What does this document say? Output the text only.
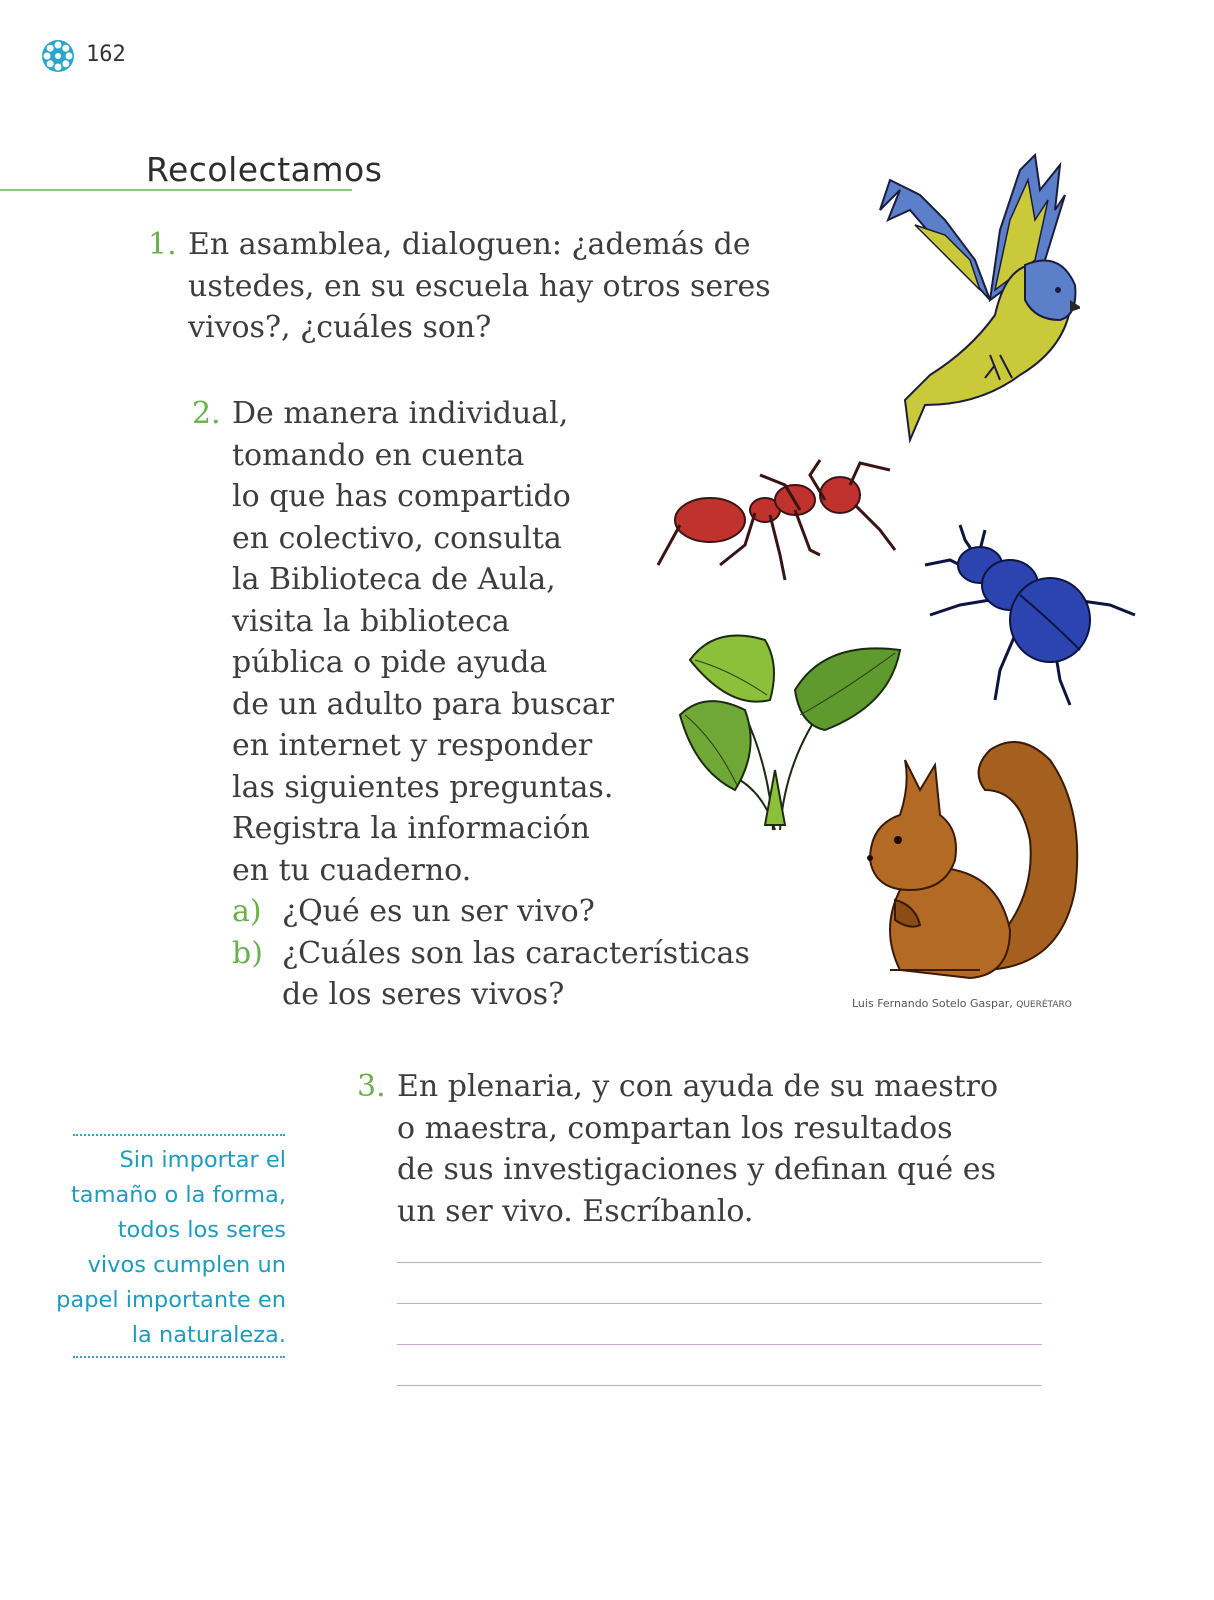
162
Recolectamos
1. En asamblea, dialoguen: ¿además de
ustedes, en su escuela hay otros seres
vivos?, ¿cuáles son?
2. De manera individual,
tomando en cuenta
lo que has compartido
en colectivo, consulta
la Biblioteca de Aula,
visita la biblioteca
pública o pide ayuda
de un adulto para buscar
en internet y responder
las siguientes preguntas.
Registra la información
en tu cuaderno.
a) ¿Qué es un ser vivo?
b) ¿Cuáles son las características
de los seres vivos?	Luis Fernando Sotelo Gaspar, QUERÉTARO
Sin importar el
tamaño o la forma,
todos los seres
vivos cumplen un
papel importante en
la naturaleza.
3. En plenaria, y con ayuda de su maestro
o maestra, compartan los resultados
de sus investigaciones y definan qué es
un ser vivo. Escríbanlo.
